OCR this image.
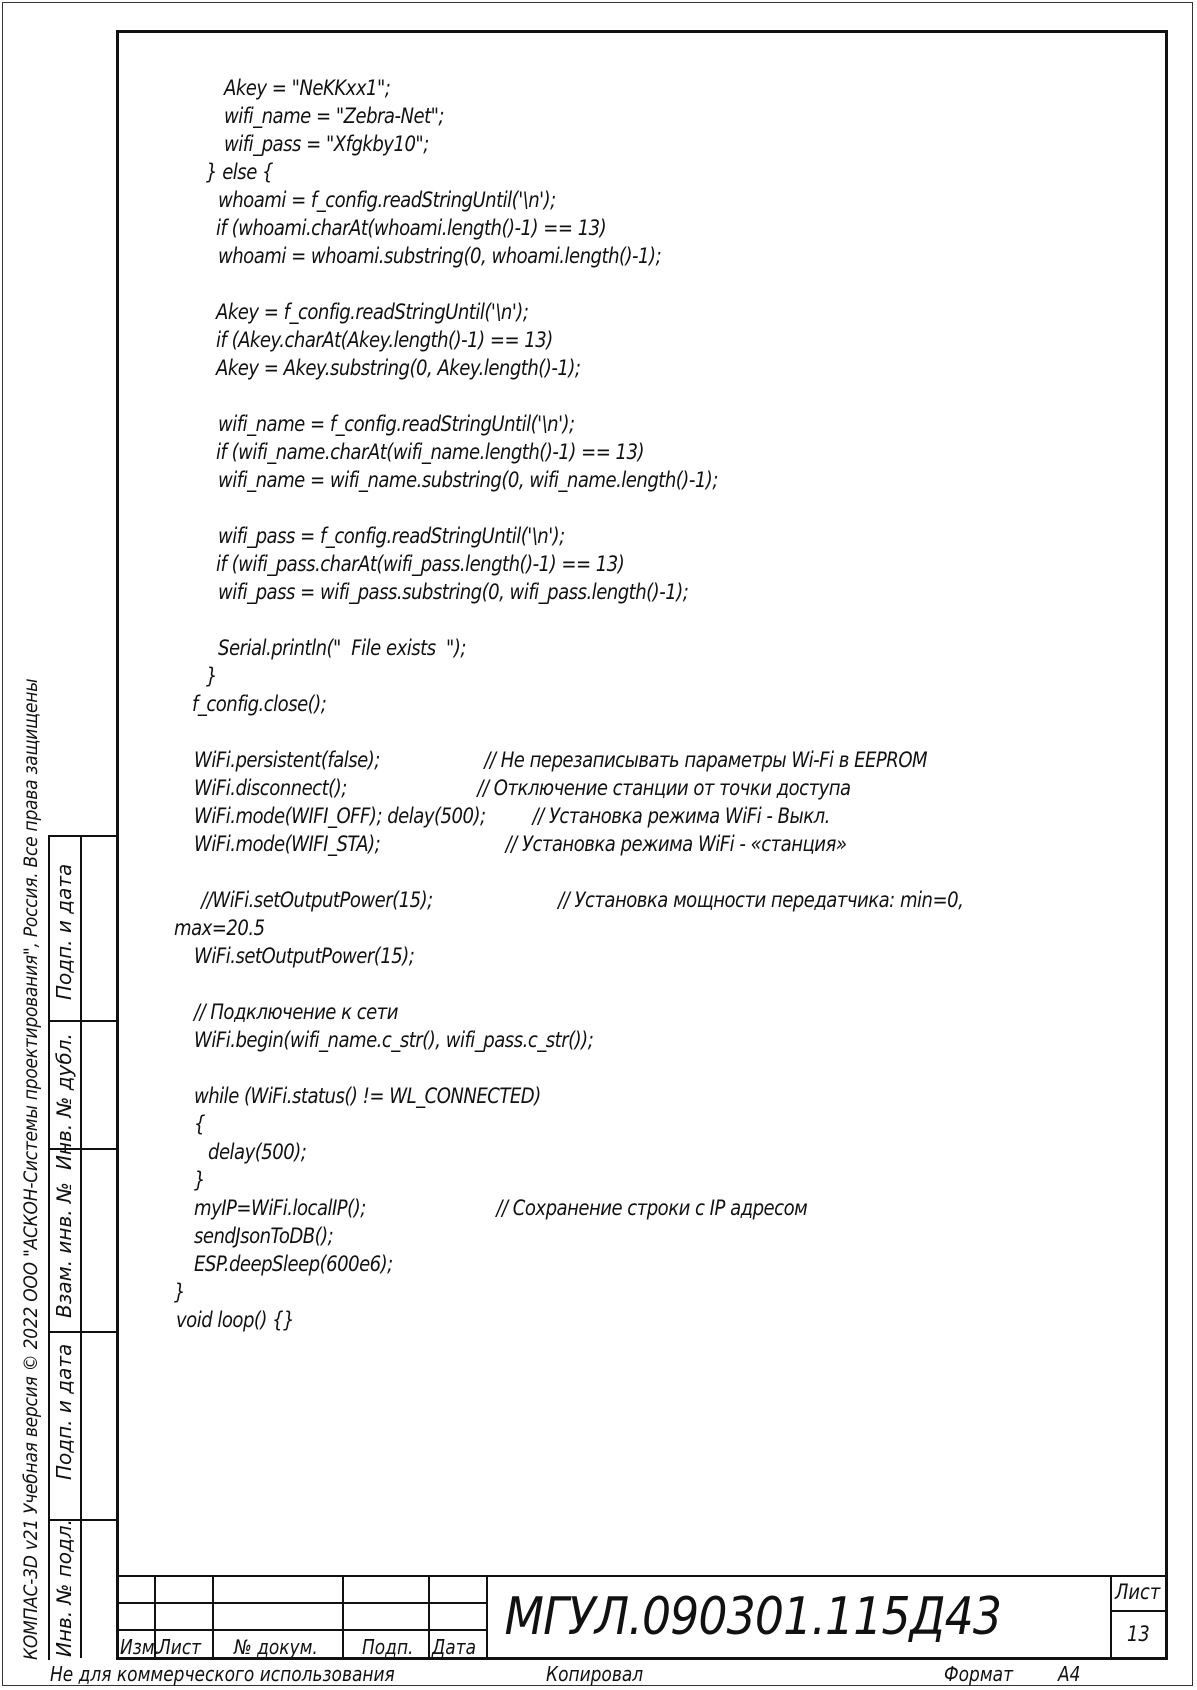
Akey = "NeKKxx1";
wifi_name = "Zebra-Net";
wifi_pass = "Xfgkby10";
} else {
whoami = f_config.readStringUntil('\n');
if (whoami.charAt(whoami.length()-1) == 13)
whoami = whoami.substring(0, whoami.length()-1);
Akey = f_config.readStringUntil('\n');
if (Akey.charAt(Akey.length()-1) == 13)
Akey = Akey.substring(0, Akey.length()-1);
wifi_name = f_config.readStringUntil('\n');
if (wifi_name.charAt(wifi_name.length()-1) == 13)
wifi_name = wifi_name.substring(0, wifi_name.length()-1);
wifi_pass = f_config.readStringUntil('\n');
if (wifi_pass.charAt(wifi_pass.length()-1) == 13)
wifi_pass = wifi_pass.substring(0, wifi_pass.length()-1);
Serial.println("  File exists  ");
}
f_config.close();
WiFi.persistent(false);                    // Не перезаписывать параметры Wi-Fi в EEPROM
WiFi.disconnect();                         // Отключение станции от точки доступа
WiFi.mode(WIFI_OFF); delay(500);         // Установка режима WiFi - Выкл.
WiFi.mode(WIFI_STA);                        // Установка режима WiFi - «станция»
//WiFi.setOutputPower(15);                        // Установка мощности передатчика: min=0,
max=20.5
WiFi.setOutputPower(15);
// Подключение к сети
WiFi.begin(wifi_name.c_str(), wifi_pass.c_str());
while (WiFi.status() != WL_CONNECTED)
{
delay(500);
}
myIP=WiFi.localIP();                         // Сохранение строки с IP адресом
sendJsonToDB();
ESP.deepSleep(600e6);
}
void loop() {}
Подп. и дата
Инв. № дубл.
Взам. инв. №
Подп. и дата
Инв. № подл.
КОМПАС-3D v21 Учебная версия © 2022 ООО "АСКОН-Системы проектирования", Россия. Все права защищены	Изм.
Лист № докум. Подп. Дата МГУЛ.090301.115Д43	Лист
13
Не для коммерческого использования	Копировал	Формат А4
